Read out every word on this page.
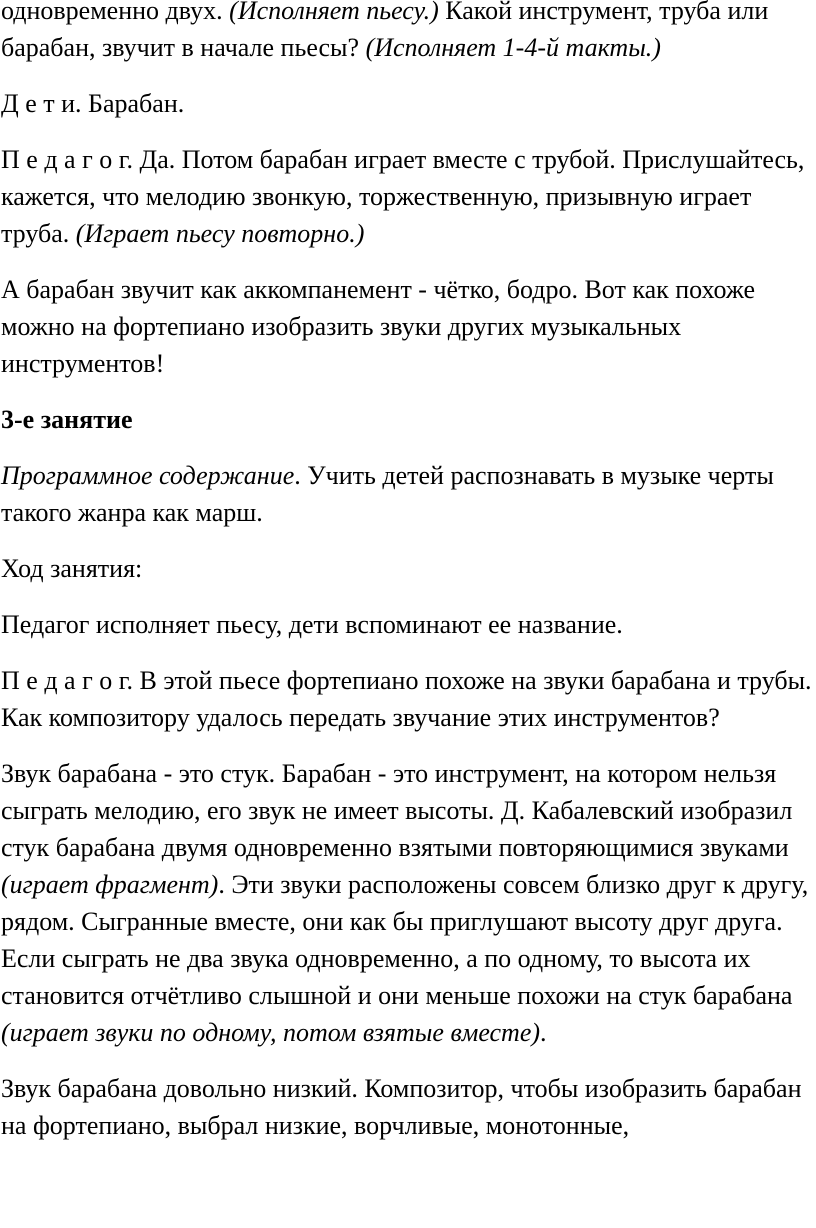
одновременно двух. (Исполняет пьесу.) Какой инструмент, труба или барабан, звучит в начале пьесы? (Исполняет 1-4-й такты.)

Д е т и. Барабан.

П е д а г о г. Да. Потом барабан играет вместе с трубой. Прислушайтесь, кажется, что мелодию звонкую, торжественную, призывную играет труба. (Играет пьесу повторно.)

А барабан звучит как аккомпанемент - чётко, бодро. Вот как похоже можно на фортепиано изобразить звуки других музыкальных инструментов!

3-е занятие

Программное содержание. Учить детей распознавать в музыке черты такого жанра как марш.

Ход занятия:

Педагог исполняет пьесу, дети вспоминают ее название.

П е д а г о г. В этой пьесе фортепиано похоже на звуки барабана и трубы. Как композитору удалось передать звучание этих инструментов?

Звук барабана - это стук. Барабан - это инструмент, на котором нельзя сыграть мелодию, его звук не имеет высоты. Д. Кабалевский изобразил стук барабана двумя одновременно взятыми повторяющимися звуками (играет фрагмент). Эти звуки расположены совсем близко друг к другу, рядом. Сыгранные вместе, они как бы приглушают высоту друг друга. Если сыграть не два звука одновременно, а по одному, то высота их становится отчётливо слышной и они меньше похожи на стук барабана (играет звуки по одному, потом взятые вместе).

Звук барабана довольно низкий. Композитор, чтобы изобразить барабан на фортепиано, выбрал низкие, ворчливые, монотонные,
